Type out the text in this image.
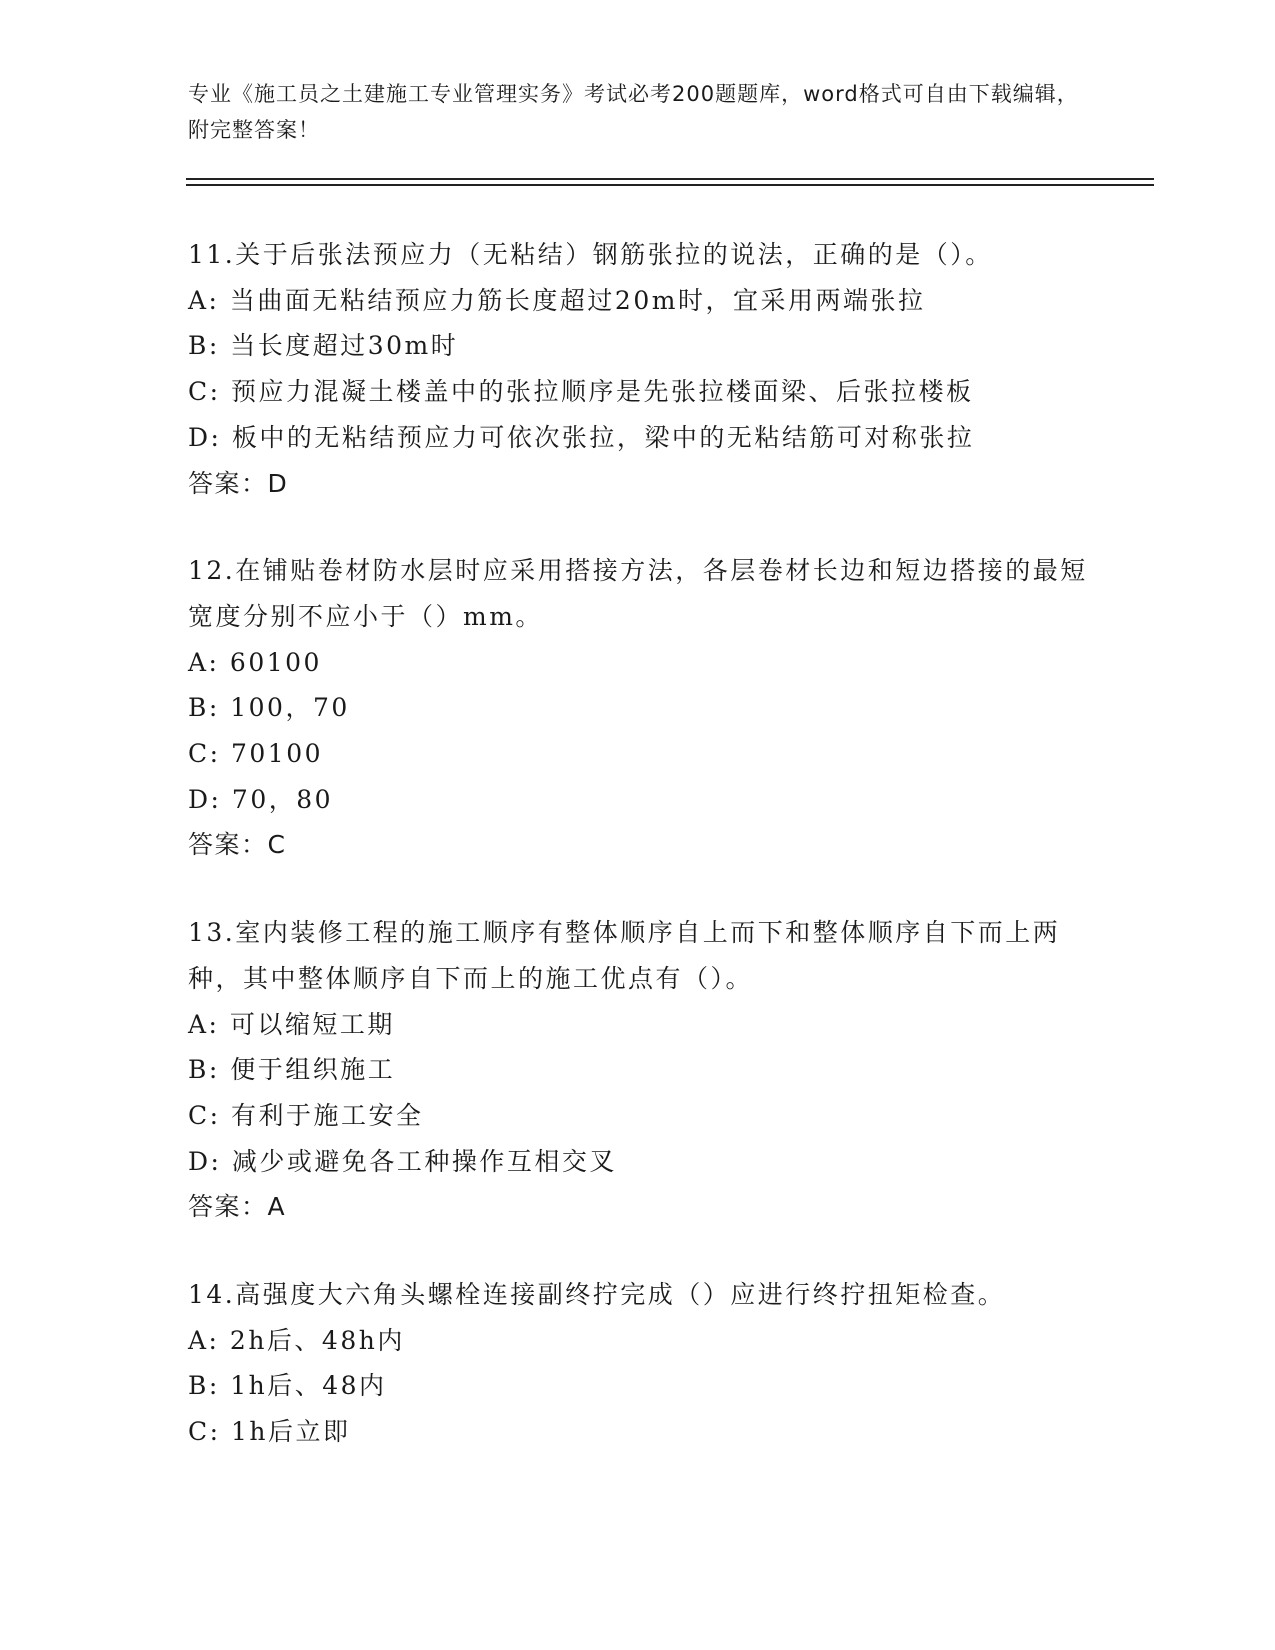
专业《施工员之土建施工专业管理实务》考试必考200题题库，word格式可自由下载编辑，附完整答案！
11.关于后张法预应力（无粘结）钢筋张拉的说法，正确的是（）。
A: 当曲面无粘结预应力筋长度超过20m时，宜采用两端张拉
B: 当长度超过30m时
C: 预应力混凝土楼盖中的张拉顺序是先张拉楼面梁、后张拉楼板
D: 板中的无粘结预应力可依次张拉，梁中的无粘结筋可对称张拉
答案：D
12.在铺贴卷材防水层时应采用搭接方法，各层卷材长边和短边搭接的最短宽度分别不应小于（）mm。
A: 60100
B: 100，70
C: 70100
D: 70，80
答案：C
13.室内装修工程的施工顺序有整体顺序自上而下和整体顺序自下而上两种，其中整体顺序自下而上的施工优点有（）。
A: 可以缩短工期
B: 便于组织施工
C: 有利于施工安全
D: 减少或避免各工种操作互相交叉
答案：A
14.高强度大六角头螺栓连接副终拧完成（）应进行终拧扭矩检查。
A: 2h后、48h内
B: 1h后、48内
C: 1h后立即
